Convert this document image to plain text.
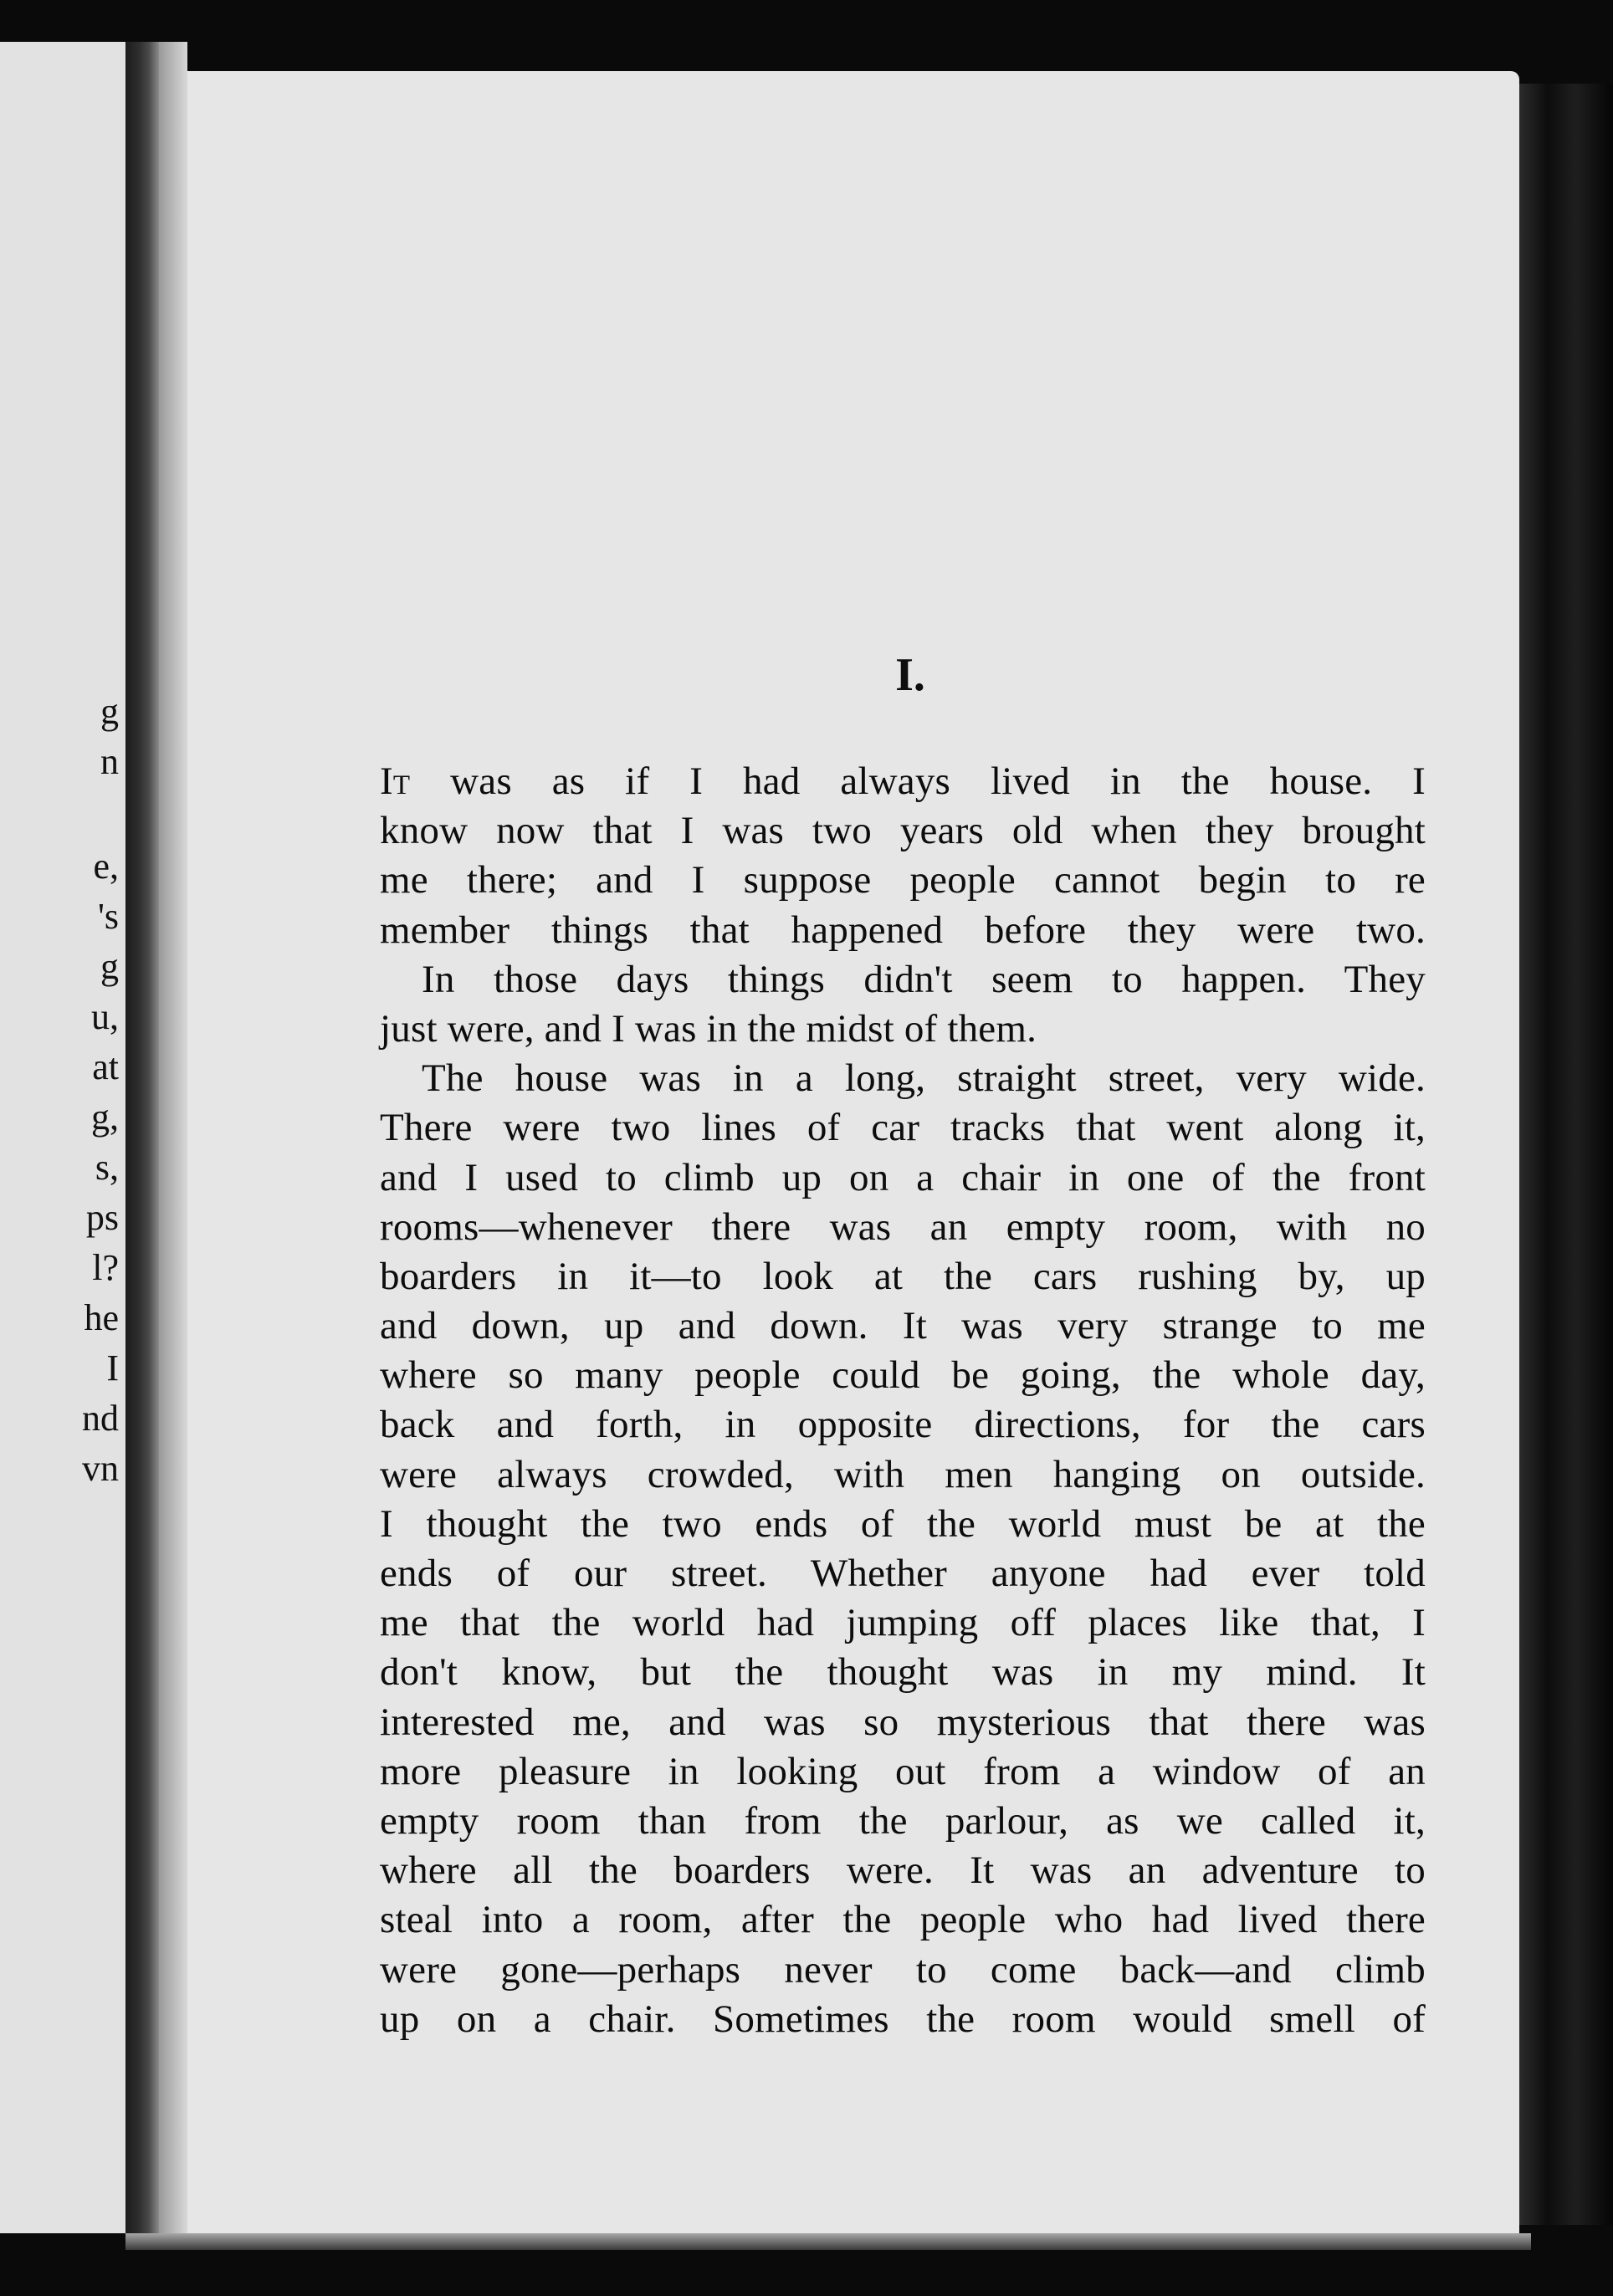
g
n
e,
's
g
u,
at
g,
s,
ps
l?
he
I
nd
vn
I.
It was as if I had always lived in the house. I
know now that I was two years old when they brought
me there; and I suppose people cannot begin to re
member things that happened before they were two.
In those days things didn't seem to happen. They
just were, and I was in the midst of them.
The house was in a long, straight street, very wide.
There were two lines of car tracks that went along it,
and I used to climb up on a chair in one of the front
rooms—whenever there was an empty room, with no
boarders in it—to look at the cars rushing by, up
and down, up and down. It was very strange to me
where so many people could be going, the whole day,
back and forth, in opposite directions, for the cars
were always crowded, with men hanging on outside.
I thought the two ends of the world must be at the
ends of our street. Whether anyone had ever told
me that the world had jumping off places like that, I
don't know, but the thought was in my mind. It
interested me, and was so mysterious that there was
more pleasure in looking out from a window of an
empty room than from the parlour, as we called it,
where all the boarders were. It was an adventure to
steal into a room, after the people who had lived there
were gone—perhaps never to come back—and climb
up on a chair. Sometimes the room would smell of
